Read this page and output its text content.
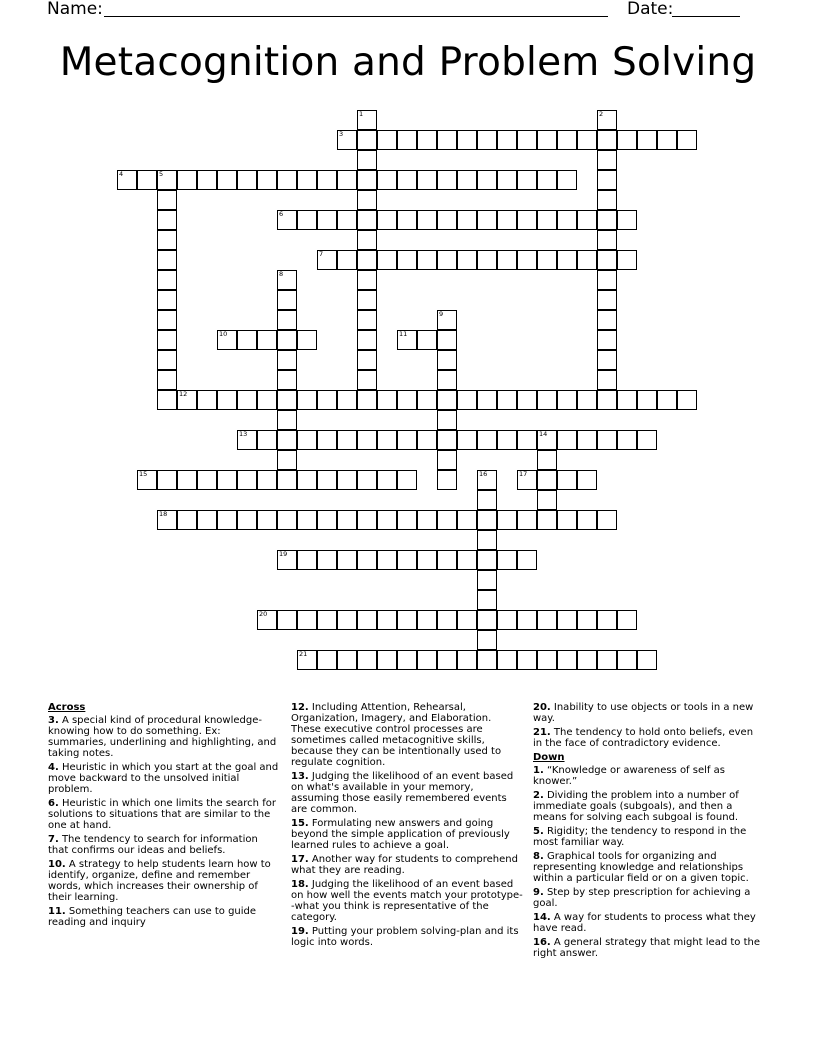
Name:	Date:
Metacognition and Problem Solving
3
4	5
6
7
10	11
12
13	14
15	17
18
19
20
21
1	2
8
9
16
Across
3. A special kind of procedural knowledge-knowing how to do something. Ex: summaries, underlining and highlighting, and taking notes.
4. Heuristic in which you start at the goal and move backward to the unsolved initial problem.
6. Heuristic in which one limits the search for solutions to situations that are similar to the one at hand.
7. The tendency to search for information that confirms our ideas and beliefs.
10. A strategy to help students learn how to identify, organize, define and remember words, which increases their ownership of their learning.
11. Something teachers can use to guide reading and inquiry
12. Including Attention, Rehearsal, Organization, Imagery, and Elaboration. These executive control processes are sometimes called metacognitive skills, because they can be intentionally used to regulate cognition.
13. Judging the likelihood of an event based on what's available in your memory, assuming those easily remembered events are common.
15. Formulating new answers and going beyond the simple application of previously learned rules to achieve a goal.
17. Another way for students to comprehend what they are reading.
18. Judging the likelihood of an event based on how well the events match your prototype--what you think is representative of the category.
19. Putting your problem solving-plan and its logic into words.
20. Inability to use objects or tools in a new way.
21. The tendency to hold onto beliefs, even in the face of contradictory evidence.
Down
1. “Knowledge or awareness of self as knower.”
2. Dividing the problem into a number of immediate goals (subgoals), and then a means for solving each subgoal is found.
5. Rigidity; the tendency to respond in the most familiar way.
8. Graphical tools for organizing and representing knowledge and relationships within a particular field or on a given topic.
9. Step by step prescription for achieving a goal.
14. A way for students to process what they have read.
16. A general strategy that might lead to the right answer.
